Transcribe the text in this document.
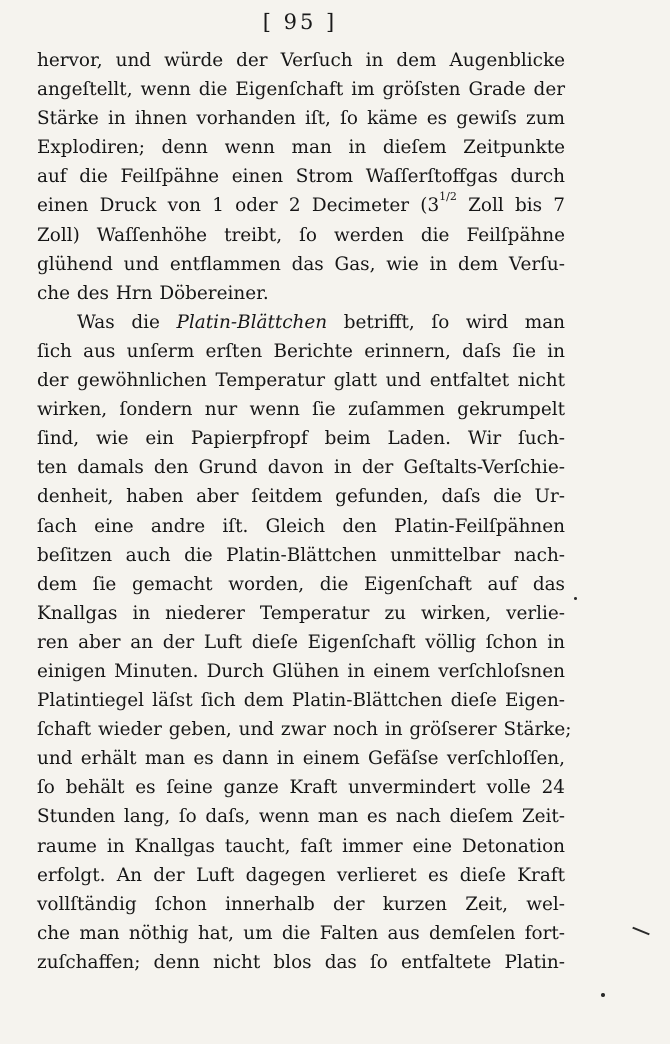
[ 95 ]
hervor, und würde der Verſuch in dem Augenblicke
angeſtellt, wenn die Eigenſchaft im gröſsten Grade der
Stärke in ihnen vorhanden iſt, ſo käme es gewiſs zum
Explodiren; denn wenn man in dieſem Zeitpunkte
auf die Feilſpähne einen Strom Waſſerſtoffgas durch
einen Druck von 1 oder 2 Decimeter (31/2 Zoll bis 7
Zoll) Waſſenhöhe treibt, ſo werden die Feilſpähne
glühend und entflammen das Gas, wie in dem Verſu-
che des Hrn Döbereiner.
Was die Platin-Blättchen betrifft, ſo wird man
ſich aus unſerm erſten Berichte erinnern, daſs ſie in
der gewöhnlichen Temperatur glatt und entfaltet nicht
wirken, ſondern nur wenn ſie zuſammen gekrumpelt
ſind, wie ein Papierpfropf beim Laden. Wir ſuch-
ten damals den Grund davon in der Geſtalts-Verſchie-
denheit, haben aber ſeitdem gefunden, daſs die Ur-
ſach eine andre iſt. Gleich den Platin-Feilſpähnen
beſitzen auch die Platin-Blättchen unmittelbar nach-
dem ſie gemacht worden, die Eigenſchaft auf das
Knallgas in niederer Temperatur zu wirken, verlie-
ren aber an der Luft dieſe Eigenſchaft völlig ſchon in
einigen Minuten. Durch Glühen in einem verſchloſsnen
Platintiegel läſst ſich dem Platin-Blättchen dieſe Eigen-
ſchaft wieder geben, und zwar noch in gröſserer Stärke;
und erhält man es dann in einem Gefäſse verſchloſſen,
ſo behält es ſeine ganze Kraft unvermindert volle 24
Stunden lang, ſo daſs, wenn man es nach dieſem Zeit-
raume in Knallgas taucht, faſt immer eine Detonation
erfolgt. An der Luft dagegen verlieret es dieſe Kraft
vollſtändig ſchon innerhalb der kurzen Zeit, wel-
che man nöthig hat, um die Falten aus demſelen fort-
zuſchaffen; denn nicht blos das ſo entfaltete Platin-
